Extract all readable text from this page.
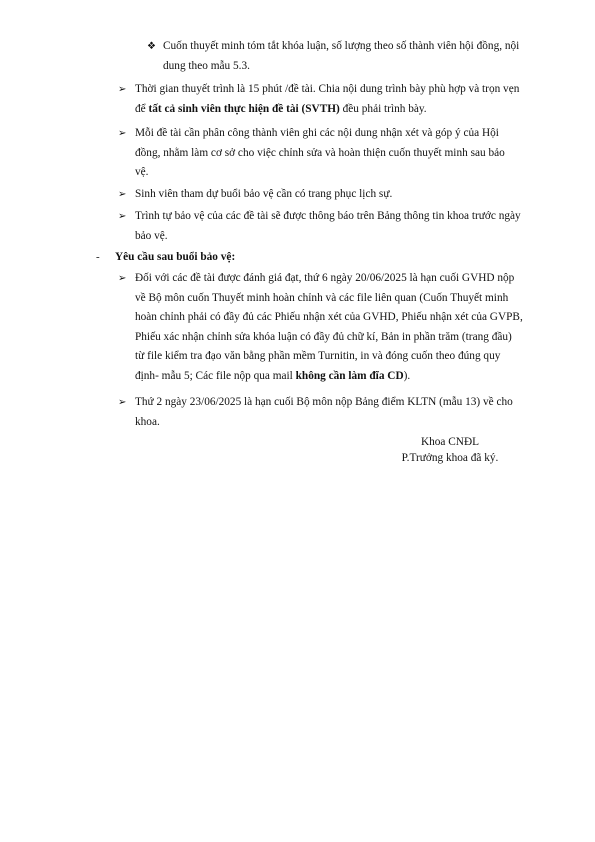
❖ Cuốn thuyết minh tóm tắt khóa luận, số lượng theo số thành viên hội đồng, nội
dung theo mẫu 5.3.
➢ Thời gian thuyết trình là 15 phút /đề tài. Chia nội dung trình bày phù hợp và trọn vẹn
để tất cả sinh viên thực hiện đề tài (SVTH) đều phải trình bày.
➢ Mỗi đề tài cần phân công thành viên ghi các nội dung nhận xét và góp ý của Hội
đồng, nhằm làm cơ sở cho việc chỉnh sửa và hoàn thiện cuốn thuyết minh sau bảo
vệ.
➢ Sinh viên tham dự buổi bảo vệ cần có trang phục lịch sự.
➢ Trình tự bảo vệ của các đề tài sẽ được thông báo trên Bảng thông tin khoa trước ngày
bảo vệ.
- Yêu cầu sau buổi bảo vệ:
➢ Đối với các đề tài được đánh giá đạt, thứ 6 ngày 20/06/2025 là hạn cuối GVHD nộp
về Bộ môn cuốn Thuyết minh hoàn chỉnh và các file liên quan (Cuốn Thuyết minh
hoàn chỉnh phải có đầy đủ các Phiếu nhận xét của GVHD, Phiếu nhận xét của GVPB,
Phiếu xác nhận chỉnh sửa khóa luận có đầy đủ chữ kí, Bản in phần trăm (trang đầu)
từ file kiểm tra đạo văn bằng phần mềm Turnitin, in và đóng cuốn theo đúng quy
định- mẫu 5; Các file nộp qua mail không cần làm đĩa CD).
➢ Thứ 2 ngày 23/06/2025 là hạn cuối Bộ môn nộp Bảng điểm KLTN (mẫu 13) về cho
khoa.
Khoa CNĐL
P.Trưởng khoa đã ký.
